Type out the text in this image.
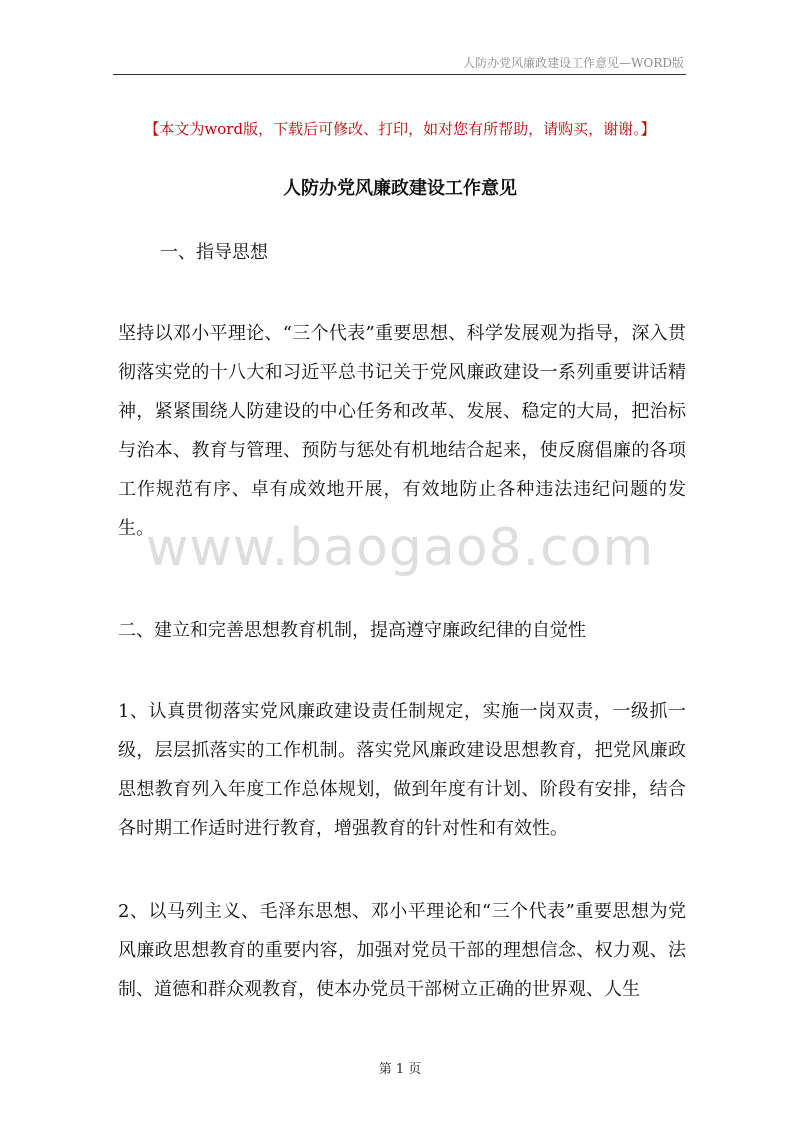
人防办党风廉政建设工作意见—WORD版
【本文为word版，下载后可修改、打印，如对您有所帮助，请购买，谢谢。】
人防办党风廉政建设工作意见
一、指导思想
坚持以邓小平理论、“三个代表”重要思想、科学发展观为指导，深入贯彻落实党的十八大和习近平总书记关于党风廉政建设一系列重要讲话精神，紧紧围绕人防建设的中心任务和改革、发展、稳定的大局，把治标与治本、教育与管理、预防与惩处有机地结合起来，使反腐倡廉的各项工作规范有序、卓有成效地开展，有效地防止各种违法违纪问题的发生。
www.baogao8.com
二、建立和完善思想教育机制，提高遵守廉政纪律的自觉性
1、认真贯彻落实党风廉政建设责任制规定，实施一岗双责，一级抓一级，层层抓落实的工作机制。落实党风廉政建设思想教育，把党风廉政思想教育列入年度工作总体规划，做到年度有计划、阶段有安排，结合各时期工作适时进行教育，增强教育的针对性和有效性。
2、以马列主义、毛泽东思想、邓小平理论和“三个代表”重要思想为党风廉政思想教育的重要内容，加强对党员干部的理想信念、权力观、法制、道德和群众观教育，使本办党员干部树立正确的世界观、人生
第 1 页
